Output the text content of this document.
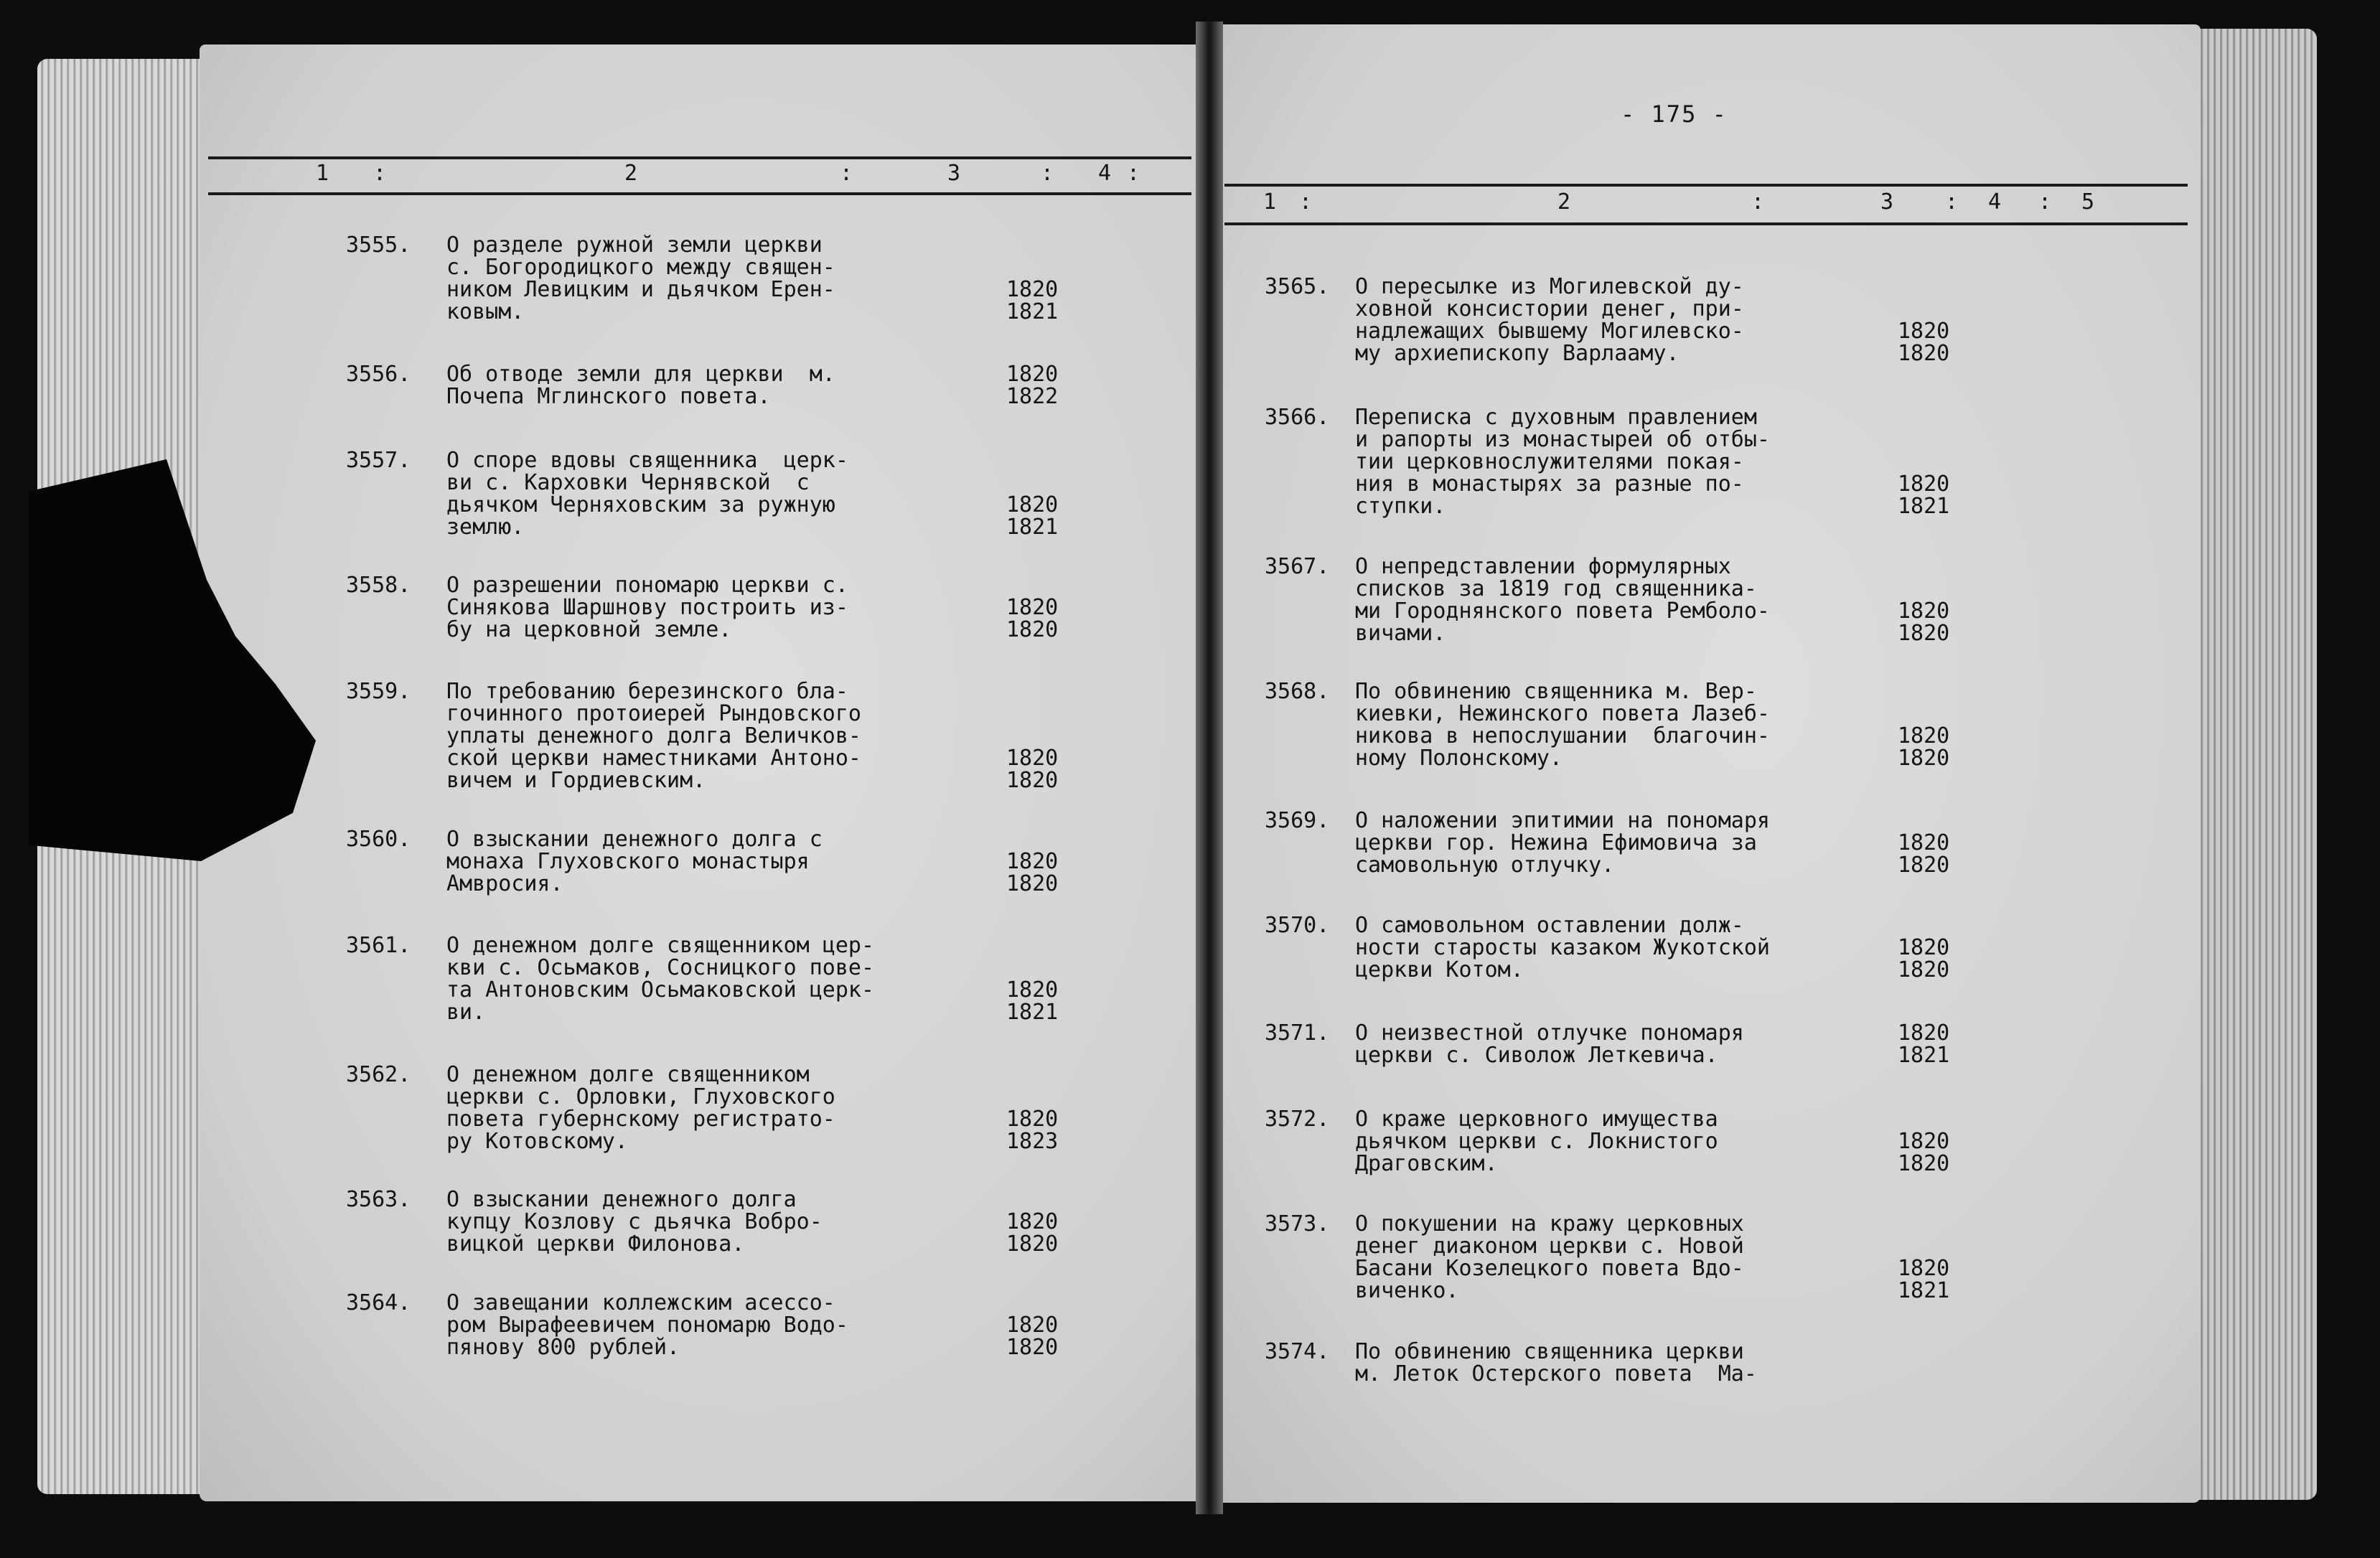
1	:	2	:	3	:	4 :
- 175 -
1	:	2	:	3	:	4	:	5
3555. О разделе ружной земли церкви
с. Богородицкого между священ-
ником Левицким и дьячком Ерен-
ковым.
1820
1821
3556. Об отводе земли для церкви  м.
Почепа Мглинского повета.
1820
1822
3557. О споре вдовы священника  церк-
ви с. Кархoвки Чернявской  с
дьячком Черняховским за ружную
землю.
1820
1821
3558. О разрешении пономарю церкви с.
Синякова Шаршнову построить из-
бу на церковной земле.
1820
1820
3559. По требованию березинского бла-
гочинного протоиерей Рындовского
уплаты денежного долга Величков-
ской церкви наместниками Антоно-
вичем и Гордиевским.
1820
1820
3560. О взыскании денежного долга с
монаха Глуховского монастыря
Амвросия.
1820
1820
3561. О денежном долге священником цер-
кви с. Осьмаков, Сосницкого пове-
та Антоновским Осьмаковской церк-
ви.
1820
1821
3562. О денежном долге священником
церкви с. Орловки, Глуховского
повета губернскому регистрато-
ру Котовскому.
1820
1823
3563. О взыскании денежного долга
купцу Козлову с дьячка Вобро-
вицкой церкви Филонова.
1820
1820
3564. О завещании коллежским асессо-
ром Вырафеевичем пономарю Водо-
пянову 800 рублей.
1820
1820
3565. О пересылке из Могилевской ду-
ховной консистории денег, при-
надлежащих бывшему Могилевско-
му архиепископу Варлааму.
1820
1820
3566. Переписка с духовным правлением
и рапорты из монастырей об отбы-
тии церковнослужителями покая-
ния в монастырях за разные по-
ступки.
1820
1821
3567. О непредставлении формулярных
списков за 1819 год священника-
ми Городнянского повета Ремболо-
вичами.
1820
1820
3568. По обвинению священника м. Вер-
киевки, Нежинского повета Лазеб-
никова в непослушании  благочин-
ному Полонскому.
1820
1820
3569. О наложении эпитимии на пономаря
церкви гор. Нежина Ефимовича за
самовольную отлучку.
1820
1820
3570. О самовольном оставлении долж-
ности старосты казаком Жукотской
церкви Котом.
1820
1820
3571. О неизвестной отлучке пономаря
церкви с. Сиволож Леткевича.
1820
1821
3572. О краже церковного имущества
дьячком церкви с. Локнистого
Драговским.
1820
1820
3573. О покушении на кражу церковных
денег диаконом церкви с. Новой
Басани Козелецкого повета Вдо-
виченко.
1820
1821
3574. По обвинению священника церкви
м. Леток Остерского повета  Ма-
